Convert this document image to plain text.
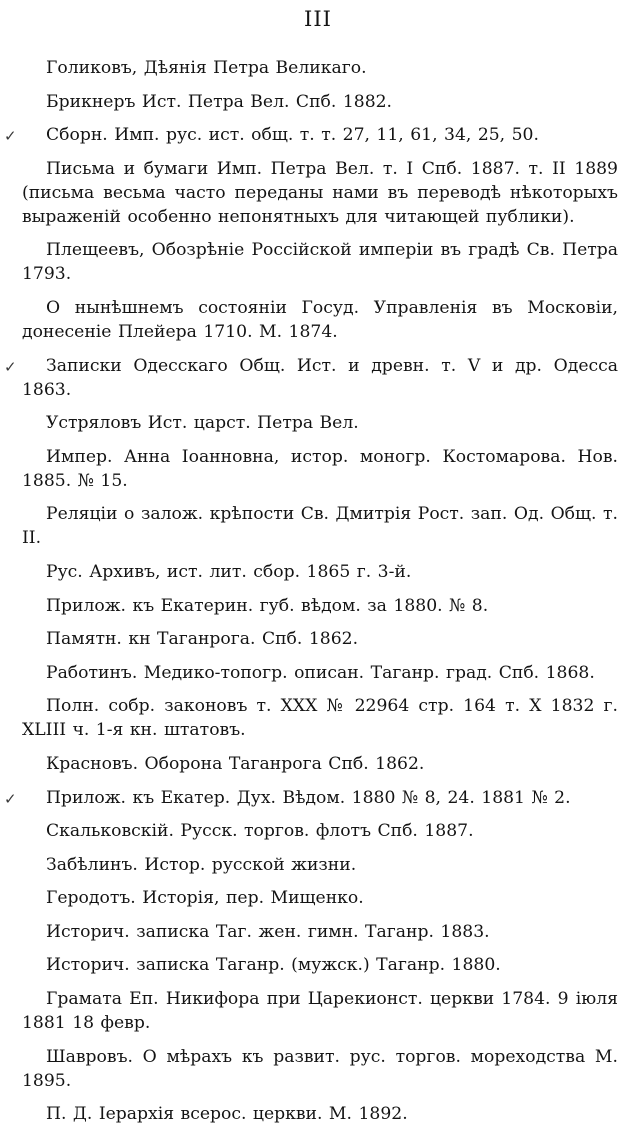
III
Голиковъ, Дѣянія Петра Великаго.
Брикнеръ Ист. Петра Вел. Спб. 1882.
✓	Сборн. Имп. рус. ист. общ. т. т. 27, 11, 61, 34, 25, 50.
Письма и бумаги Имп. Петра Вел. т. I Спб. 1887. т. II 1889 (письма весьма часто переданы нами въ переводѣ нѣкоторыхъ выраженій особенно непонятныхъ для читающей публики).
Плещеевъ, Обозрѣніе Россійской имперіи въ градѣ Св. Петра 1793.
О нынѣшнемъ состояніи Госуд. Управленія въ Московіи, донесеніе Плейера 1710. М. 1874.
✓	Записки Одесскаго Общ. Ист. и древн. т. V и др. Одесса 1863.
Устряловъ Ист. царст. Петра Вел.
Импер. Анна Іоанновна, истор. моногр. Костомарова. Нов. 1885. № 15.
Реляціи о залож. крѣпости Св. Дмитрія Рост. зап. Од. Общ. т. II.
Рус. Архивъ, ист. лит. сбор. 1865 г. 3-й.
Прилож. къ Екатерин. губ. вѣдом. за 1880. № 8.
Памятн. кн Таганрога. Спб. 1862.
Работинъ. Медико-топогр. описан. Таганр. град. Спб. 1868.
Полн. собр. законовъ т. XXX № 22964 стр. 164 т. X 1832 г. XLIII ч. 1-я кн. штатовъ.
Красновъ. Оборона Таганрога Спб. 1862.
✓	Прилож. къ Екатер. Дух. Вѣдом. 1880 № 8, 24. 1881 № 2.
Скальковскій. Русск. торгов. флотъ Спб. 1887.
Забѣлинъ. Истор. русской жизни.
Геродотъ. Исторія, пер. Мищенко.
Историч. записка Таг. жен. гимн. Таганр. 1883.
Историч. записка Таганр. (мужск.) Таганр. 1880.
Грамата Еп. Никифора при Царекионст. церкви 1784. 9 іюля 1881 18 февр.
Шавровъ. О мѣрахъ къ развит. рус. торгов. мореходства М. 1895.
П. Д. Іерархія всерос. церкви. М. 1892.
